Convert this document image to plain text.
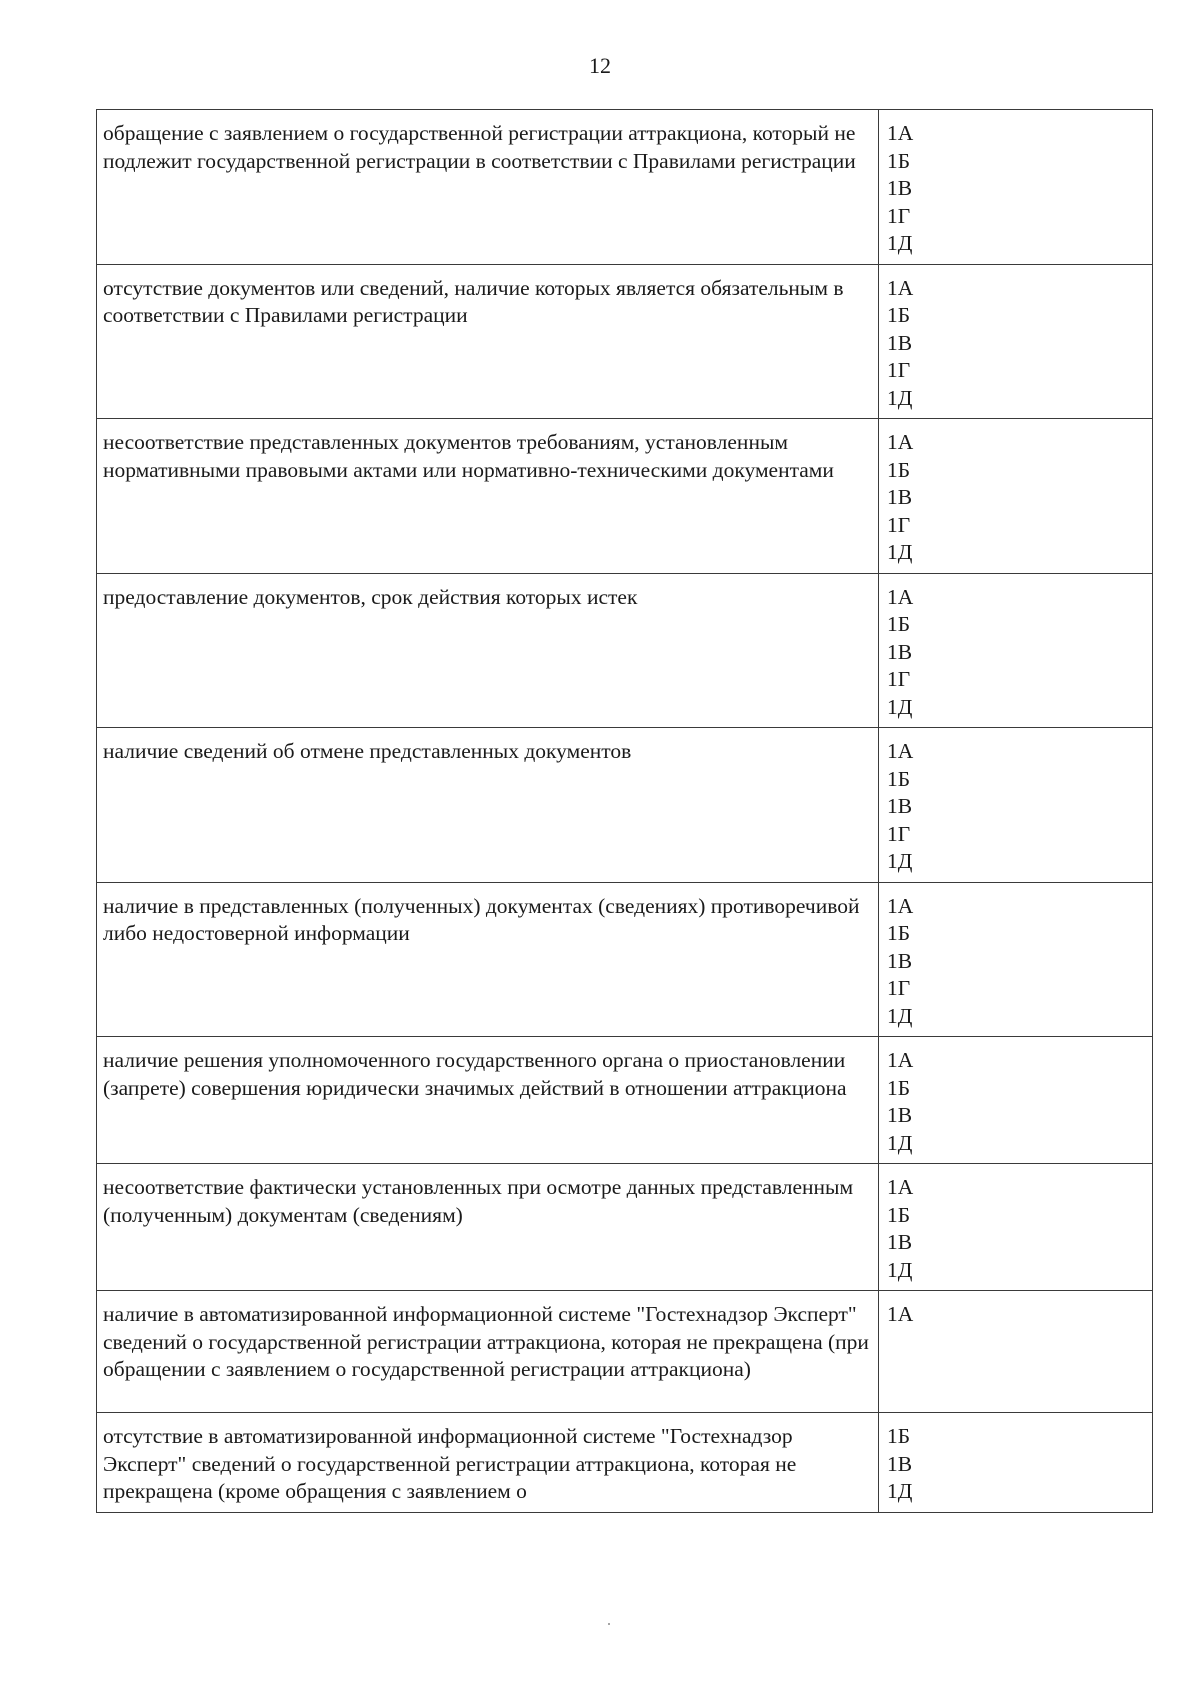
12
обращение с заявлением о государственной регистрации аттракциона, который не подлежит государственной регистрации в соответствии с Правилами регистрации	1А
1Б
1В
1Г
1Д

отсутствие документов или сведений, наличие которых является обязательным в соответствии с Правилами регистрации	1А
1Б
1В
1Г
1Д

несоответствие представленных документов требованиям, установленным нормативными правовыми актами или нормативно-техническими документами	1А
1Б
1В
1Г
1Д

предоставление документов, срок действия которых истек	1А
1Б
1В
1Г
1Д

наличие сведений об отмене представленных документов	1А
1Б
1В
1Г
1Д

наличие в представленных (полученных) документах (сведениях) противоречивой либо недостоверной информации	1А
1Б
1В
1Г
1Д

наличие решения уполномоченного государственного органа о приостановлении (запрете) совершения юридически значимых действий в отношении аттракциона	1А
1Б
1В
1Д

несоответствие фактически установленных при осмотре данных представленным (полученным) документам (сведениям)	1А
1Б
1В
1Д

наличие в автоматизированной информационной системе "Гостехнадзор Эксперт" сведений о государственной регистрации аттракциона, которая не прекращена (при обращении с заявлением о государственной регистрации аттракциона)	1А

отсутствие в автоматизированной информационной системе "Гостехнадзор Эксперт" сведений о государственной регистрации аттракциона, которая не прекращена (кроме обращения с заявлением о	1Б
1В
1Д
